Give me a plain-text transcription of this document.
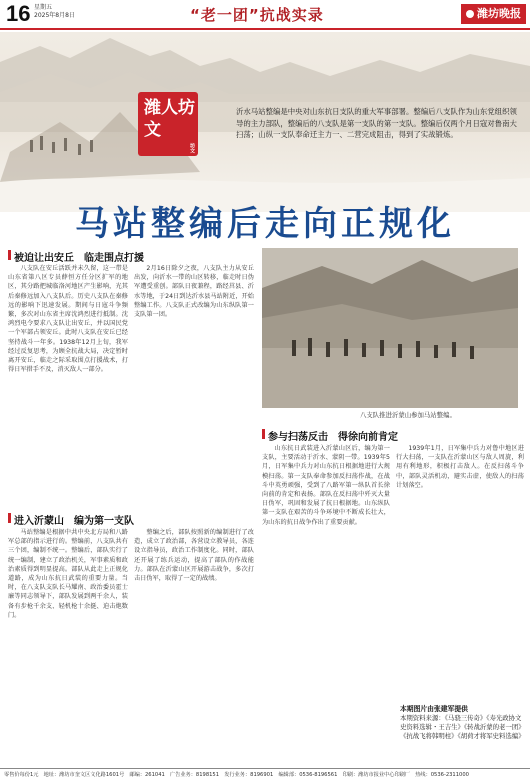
16 星期五
2025年8月8日	“老一团”抗战实录	潍坊晚报
潍人坊文
坊文
沂水马站整编是中央对山东抗日支队的重大军事部署。整编后八支队作为山东党组织领导的主力部队，整编后的八支队是第一支队的第一支队。整编后仅两个月日寇对鲁南大扫荡；山纵一支队奉命迁主力一、二营完成阻击，得到了实战锻炼。
马站整编后走向正规化
被迫让出安丘　临走围点打援
八支队在安丘活跃并未久留，这一带是山东省第八区专员薛恒方任分区扩军的地区，其分路把城临洛河地区产生影响，光其后秦修远加入八支队后。历史八支队在秦修远的影响下迅速发展。期间与日寇斗争频繁，多次对山东省主席沈鸿烈进行抵制。沈鸿烈电令要求八支队让出安丘，并以国民党一个军部占领安丘。此时八支队在安丘已经坚持战斗一年多。1938年12月上旬，我军经过反复思考，为顾全抗战大局，决定暂时离开安丘，临走之际采取围点打援战术，打得日军措手不及，消灭敌人一部分。
2月16日除夕之夜，八支队主力从安丘出发，向沂水一带的山区转移，临走时日伪军遭受重创。部队日夜兼程，路经莒县、沂水等地，于24日到达沂水县马站附近，开始整编工作。八支队正式改编为山东纵队第一支队第一团。
进入沂蒙山　编为第一支队
马站整编是根据中共中央北方局和八路军总部的指示进行的。整编前，八支队共有三个团，编制不统一。整编后，部队实行了统一编制，建立了政治机关，军事素质和政治素质得到明显提高。部队从此走上正规化道路，成为山东抗日武装的重要力量。当时，在八支队支队长马耀南、政治委员霍士廉等同志领导下，部队发展到两千余人，装备有步枪千余支、轻机枪十余挺、迫击炮数门。
整编之后，部队按照新的编制进行了改造，成立了政治部，各营设立教导员，各连设立指导员，政治工作制度化。同时，部队还开展了练兵运动，提高了部队的作战能力。部队在沂蒙山区开展游击战争，多次打击日伪军，取得了一定的战绩。
八支队推进沂蒙山参加马站整编。
参与扫荡反击　得徐向前肯定
山东抗日武装进入沂蒙山区后，编为第一支队，主要活动于沂水、蒙阴一带。1939年5月，日军集中兵力对山东抗日根据地进行大规模扫荡。第一支队奉命参加反扫荡作战，在战斗中英勇顽强，受到了八路军第一纵队首长徐向前的肯定和表扬。部队在反扫荡中歼灭大量日伪军，巩固和发展了抗日根据地。山东纵队第一支队在艰苦的斗争环境中不断成长壮大，为山东的抗日战争作出了重要贡献。
1939年1月，日军集中兵力对鲁中地区进行大扫荡，一支队在沂蒙山区与敌人周旋，利用有利地形，积极打击敌人。在反扫荡斗争中，部队灵活机动，避实击虚，使敌人的扫荡计划落空。
本期图片由张建军提供
本期资料来源：《马骁三传奇》《寿光政协文史资料选辑・王吉生》《转战沂蒙的老一团》《抗战飞将韩明柱》《胡荷才将军史料选编》
零售价每份1元　地址：潍坊市奎文区文化路1601号　邮编：261041　广告业务：8198151　发行业务：8196901　编辑部：0536-8196561　印刷：潍坊市报业中心印刷厂　热线：0536-2311000
